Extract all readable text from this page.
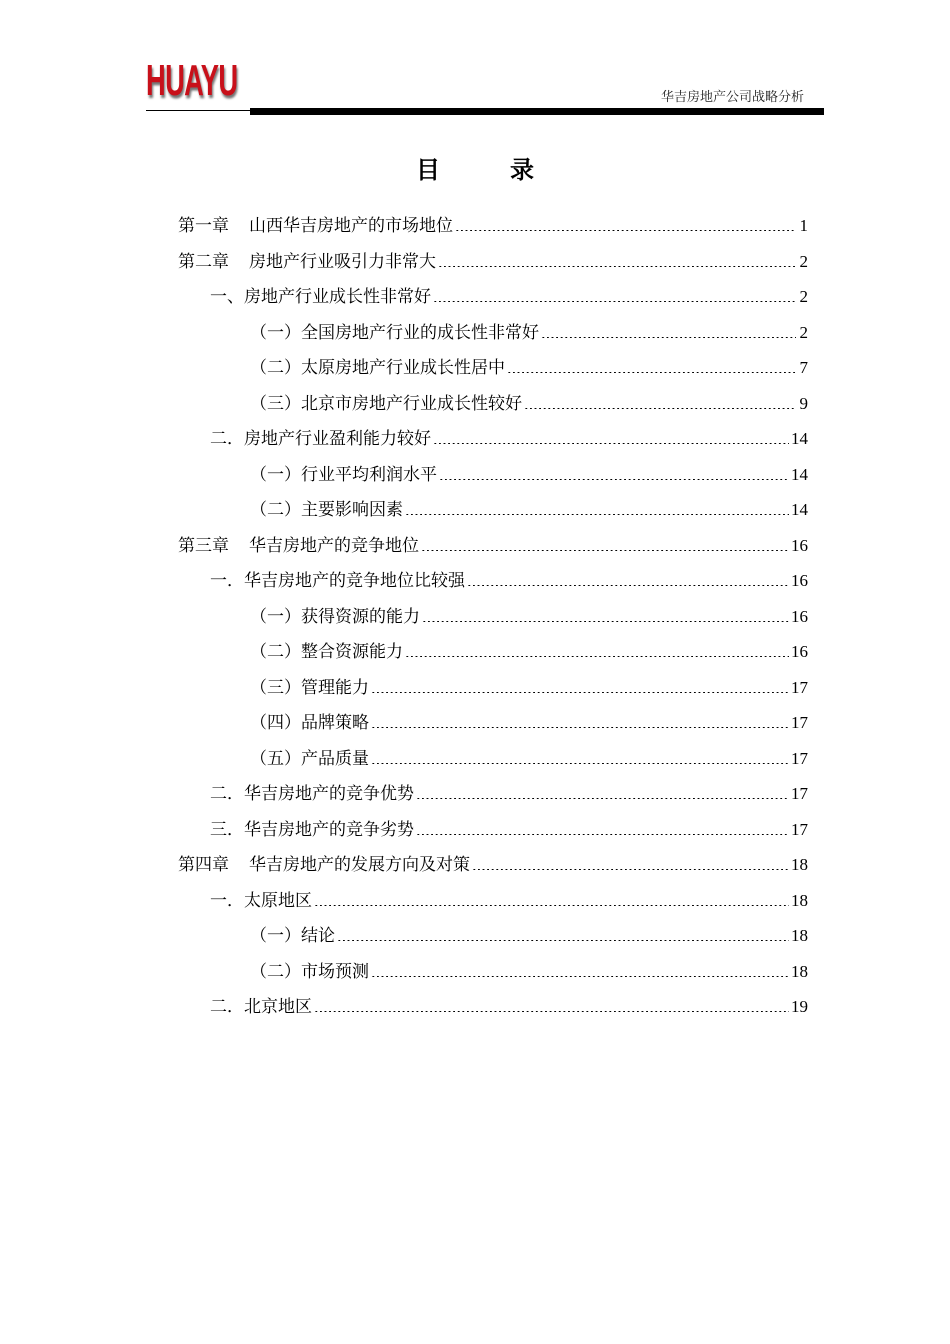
HUAYU	华吉房地产公司战略分析
目	录
第一章 山西华吉房地产的市场地位	1
第二章 房地产行业吸引力非常大	2
一、房地产行业成长性非常好	2
（一）全国房地产行业的成长性非常好	2
（二）太原房地产行业成长性居中	7
（三）北京市房地产行业成长性较好	9
二．房地产行业盈利能力较好	14
（一）行业平均利润水平	14
（二）主要影响因素	14
第三章 华吉房地产的竞争地位	16
一．华吉房地产的竞争地位比较强	16
（一）获得资源的能力	16
（二）整合资源能力	16
（三）管理能力	17
（四）品牌策略	17
（五）产品质量	17
二．华吉房地产的竞争优势	17
三．华吉房地产的竞争劣势	17
第四章 华吉房地产的发展方向及对策	18
一．太原地区	18
（一）结论	18
（二）市场预测	18
二．北京地区	19
